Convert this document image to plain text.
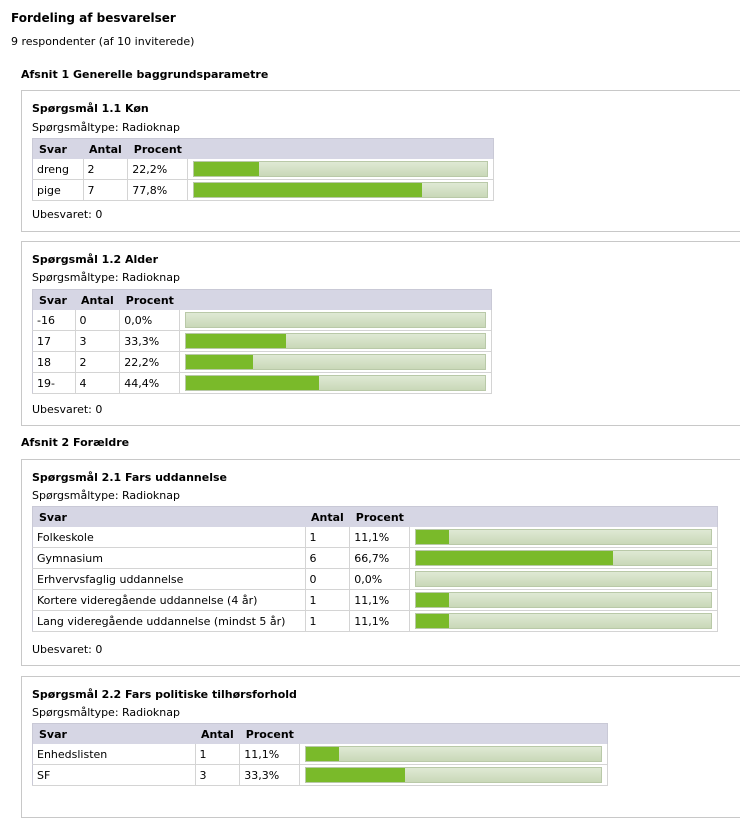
Fordeling af besvarelser
9 respondenter (af 10 inviterede)
Afsnit 1 Generelle baggrundsparametre
Spørgsmål 1.1 Køn
Spørgsmåltype: Radioknap
Svar	Antal	Procent	
dreng	2	22,2%	

pige	7	77,8%	
Ubesvaret: 0
Spørgsmål 1.2 Alder
Spørgsmåltype: Radioknap
Svar	Antal	Procent	
-16	0	0,0%	

17	3	33,3%	

18	2	22,2%	

19-	4	44,4%	
Ubesvaret: 0
Afsnit 2 Forældre
Spørgsmål 2.1 Fars uddannelse
Spørgsmåltype: Radioknap
Svar	Antal	Procent	
Folkeskole	1	11,1%	

Gymnasium	6	66,7%	

Erhvervsfaglig uddannelse	0	0,0%	

Kortere videregående uddannelse (4 år)	1	11,1%	

Lang videregående uddannelse (mindst 5 år)	1	11,1%	
Ubesvaret: 0
Spørgsmål 2.2 Fars politiske tilhørsforhold
Spørgsmåltype: Radioknap
Svar	Antal	Procent	
Enhedslisten	1	11,1%	

SF	3	33,3%	
